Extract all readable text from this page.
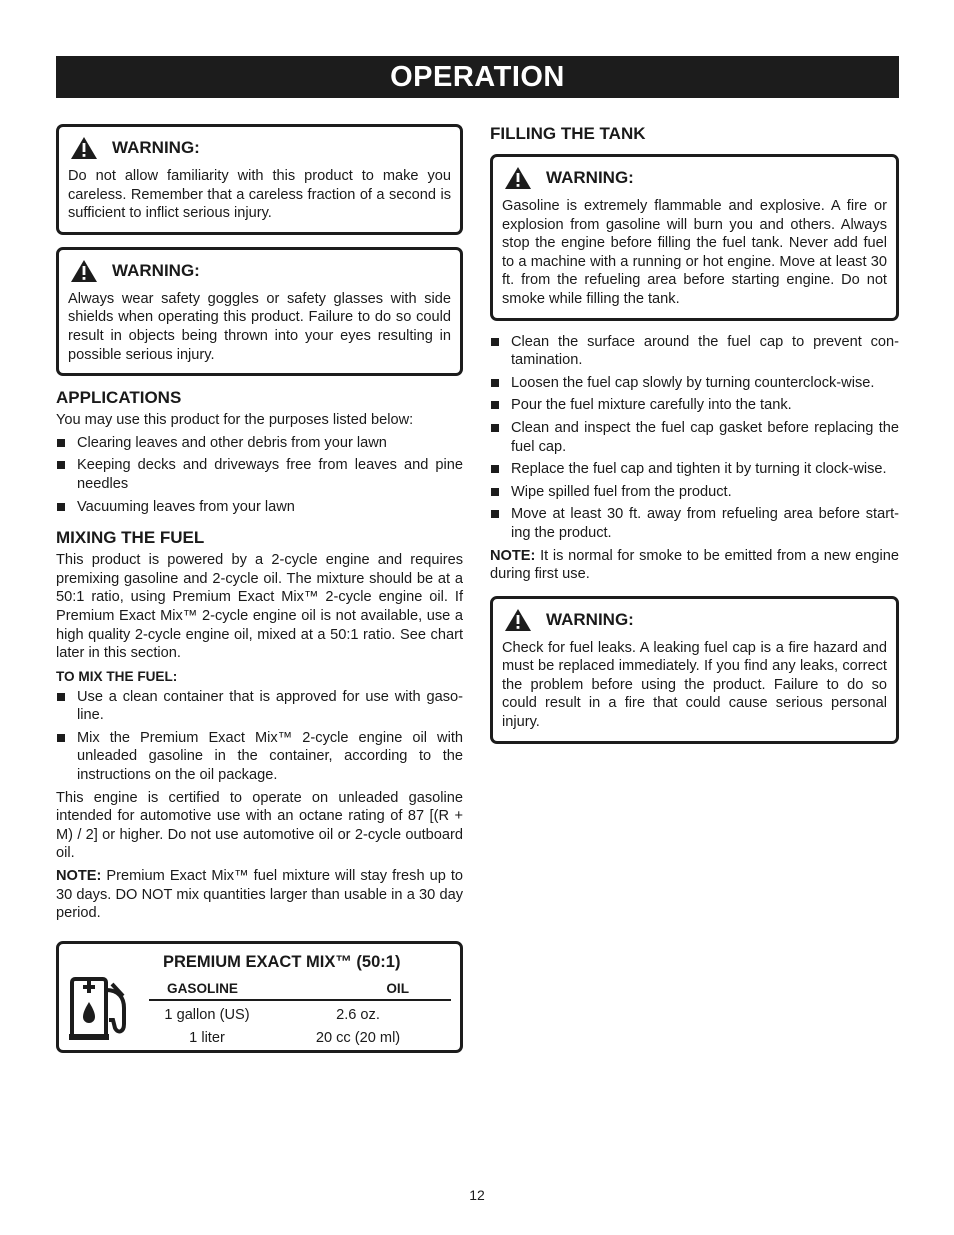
OPERATION
WARNING:
Do not allow familiarity with this product to make you careless. Remember that a careless fraction of a second is sufficient to inflict serious injury.
WARNING:
Always wear safety goggles or safety glasses with side shields when operating this product. Failure to do so could result in objects being thrown into your eyes resulting in possible serious injury.
APPLICATIONS

You may use this product for the purposes listed below:

Clearing leaves and other debris from your lawn
Keeping decks and driveways free from leaves and pine needles
Vacuuming leaves from your lawn
MIXING THE FUEL

This product is powered by a 2-cycle engine and requires premixing gasoline and 2-cycle oil. The mixture should be at a 50:1 ratio, using Premium Exact Mix™ 2-cycle engine oil. If Premium Exact Mix™ 2-cycle engine oil is not available, use a high quality 2-cycle engine oil, mixed at a 50:1 ratio. See chart later in this section.

TO MIX THE FUEL:
Use a clean container that is approved for use with gaso-line.
Mix the Premium Exact Mix™ 2-cycle engine oil with unleaded gasoline in the container, according to the instructions on the oil package.

This engine is certified to operate on unleaded gasoline intended for automotive use with an octane rating of 87 [(R + M) / 2] or higher. Do not use automotive oil or 2-cycle outboard oil.

NOTE: Premium Exact Mix™ fuel mixture will stay fresh up to 30 days. DO NOT mix quantities larger than usable in a 30 day period.

PREMIUM EXACT MIX™ (50:1)
GASOLINE	OIL
1 gallon (US)	2.6 oz.
1 liter	20 cc (20 ml)
FILLING THE TANK
WARNING:
Gasoline is extremely flammable and explosive. A fire or explosion from gasoline will burn you and others. Always stop the engine before filling the fuel tank. Never add fuel to a machine with a running or hot engine. Move at least 30 ft. from the refueling area before starting engine. Do not smoke while filling the tank.
Clean the surface around the fuel cap to prevent con-tamination.
Loosen the fuel cap slowly by turning counterclock-wise.
Pour the fuel mixture carefully into the tank.
Clean and inspect the fuel cap gasket before replacing the fuel cap.
Replace the fuel cap and tighten it by turning it clock-wise.
Wipe spilled fuel from the product.
Move at least 30 ft. away from refueling area before start-ing the product.

NOTE: It is normal for smoke to be emitted from a new engine during first use.

WARNING:
Check for fuel leaks. A leaking fuel cap is a fire hazard and must be replaced immediately. If you find any leaks, correct the problem before using the product. Failure to do so could result in a fire that could cause serious personal injury.
12
